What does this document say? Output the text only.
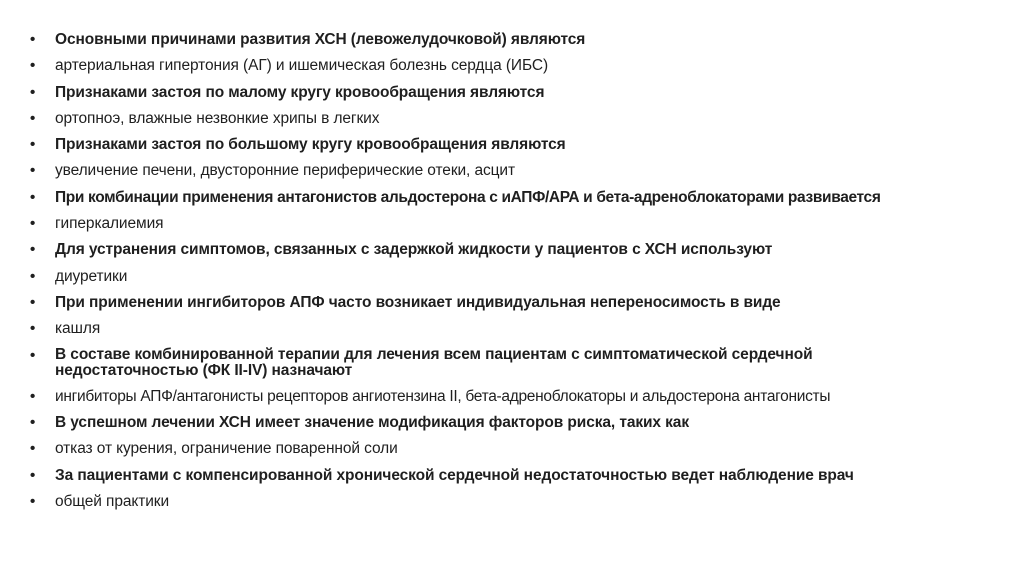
•	Основными причинами развития ХСН (левожелудочковой) являются
•	артериальная гипертония (АГ) и ишемическая болезнь сердца (ИБС)
•	Признаками застоя по малому кругу кровообращения являются
•	ортопноэ, влажные незвонкие хрипы в легких
•	Признаками застоя по большому кругу кровообращения являются
•	увеличение печени, двусторонние периферические отеки, асцит
•	При комбинации применения антагонистов альдостерона с иАПФ/АРА и бета-адреноблокаторами развивается
•	гиперкалиемия
•	Для устранения симптомов, связанных с задержкой жидкости у пациентов с ХСН используют
•	диуретики
•	При применении ингибиторов АПФ часто возникает индивидуальная непереносимость в виде
•	кашля
•	В составе комбинированной терапии для лечения всем пациентам с симптоматической сердечной недостаточностью (ФК II-IV) назначают
•	ингибиторы АПФ/антагонисты рецепторов ангиотензина II, бета-адреноблокаторы и альдостерона антагонисты
•	В успешном лечении ХСН имеет значение модификация факторов риска, таких как
•	отказ от курения, ограничение поваренной соли
•	За пациентами с компенсированной хронической сердечной недостаточностью ведет наблюдение врач
•	общей практики
